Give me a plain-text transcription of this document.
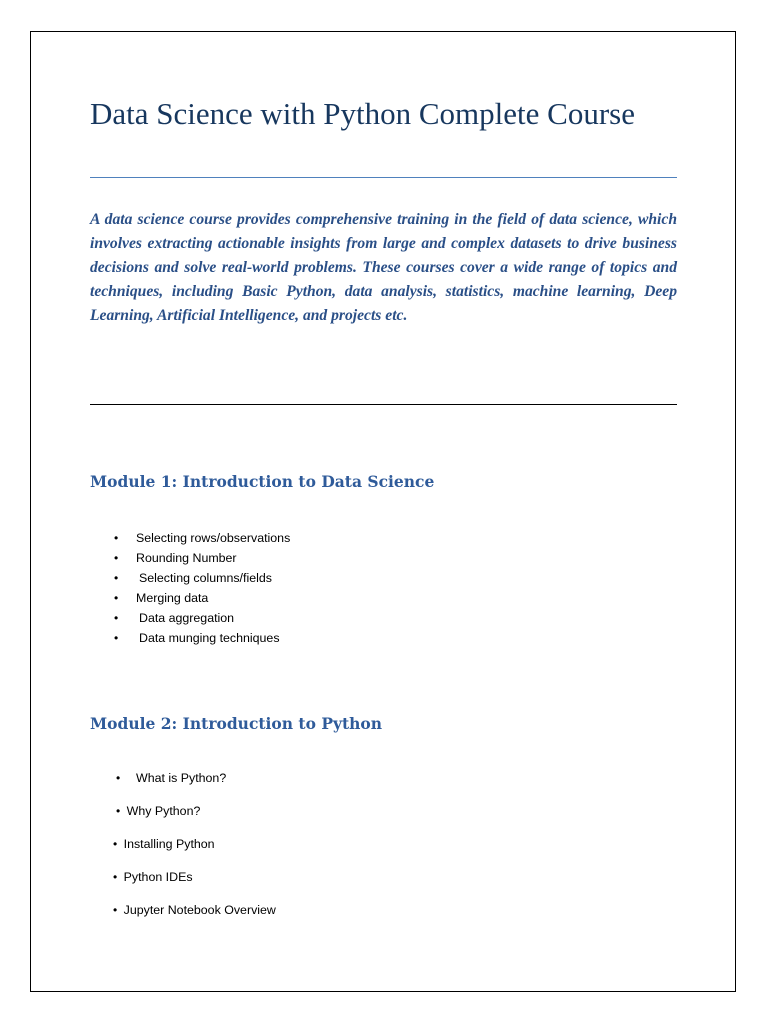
Data Science with Python Complete Course

A data science course provides comprehensive training in the field of data science, which involves extracting actionable insights from large and complex datasets to drive business decisions and solve real-world problems. These courses cover a wide range of topics and techniques, including Basic Python, data analysis, statistics, machine learning, Deep Learning, Artificial Intelligence, and projects etc.

Module 1: Introduction to Data Science
• Selecting rows/observations
• Rounding Number
• Selecting columns/fields
• Merging data
• Data aggregation
• Data munging techniques
Module 2: Introduction to Python
• What is Python?
• Why Python?
• Installing Python
• Python IDEs
• Jupyter Notebook Overview
